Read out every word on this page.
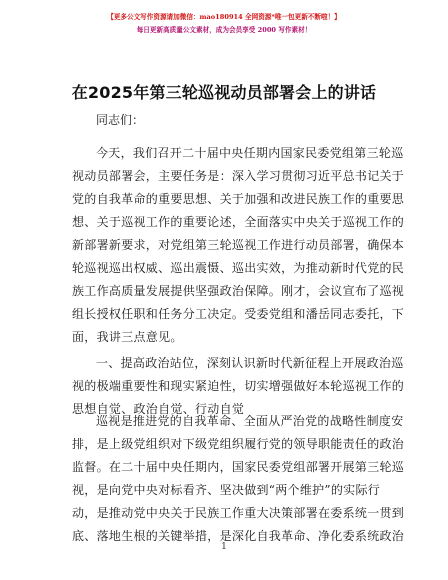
【更多公文写作资源请加微信：mao180914 全网资源*唯一包更新不断啦！】
每日更新高质量公文素材，成为会员享受 2000 写作素材！
在2025年第三轮巡视动员部署会上的讲话
同志们：
今天，我们召开二十届中央任期内国家民委党组第三轮巡
视动员部署会，主要任务是：深入学习贯彻习近平总书记关于
党的自我革命的重要思想、关于加强和改进民族工作的重要思
想、关于巡视工作的重要论述，全面落实中央关于巡视工作的
新部署新要求，对党组第三轮巡视工作进行动员部署，确保本
轮巡视巡出权威、巡出震慑、巡出实效，为推动新时代党的民
族工作高质量发展提供坚强政治保障。刚才，会议宣布了巡视
组长授权任职和任务分工决定。受委党组和潘岳同志委托，下
面，我讲三点意见。
一、提高政治站位，深刻认识新时代新征程上开展政治巡
视的极端重要性和现实紧迫性，切实增强做好本轮巡视工作的
思想自觉、政治自觉、行动自觉
巡视是推进党的自我革命、全面从严治党的战略性制度安
排，是上级党组织对下级党组织履行党的领导职能责任的政治
监督。在二十届中央任期内，国家民委党组部署开展第三轮巡
视，是向党中央对标看齐、坚决做到“两个维护”的实际行
动，是推动党中央关于民族工作重大决策部署在委系统一贯到
底、落地生根的关键举措，是深化自我革命、净化委系统政治
1
